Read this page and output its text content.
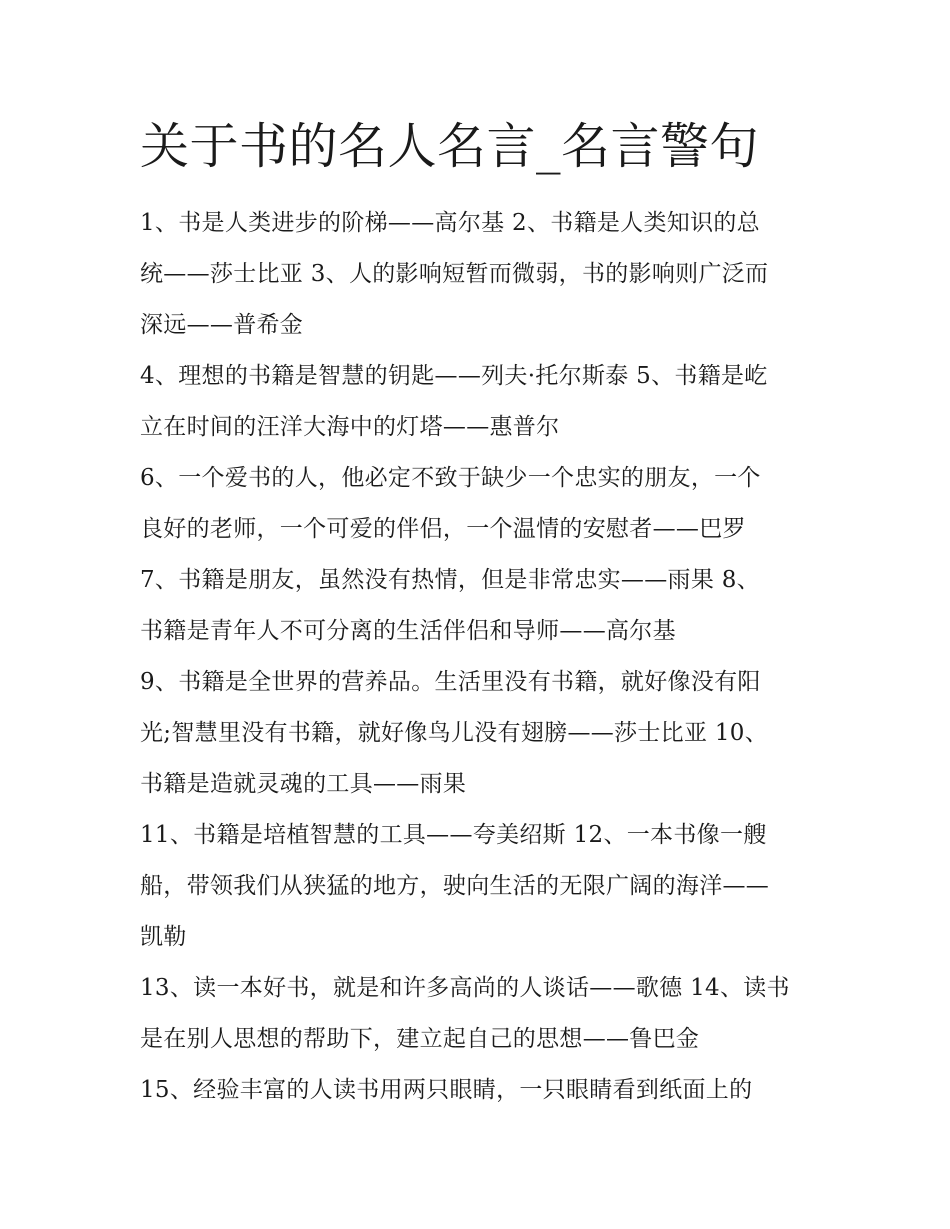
关于书的名人名言_名言警句
1、书是人类进步的阶梯——高尔基 2、书籍是人类知识的总
统——莎士比亚 3、人的影响短暂而微弱，书的影响则广泛而
深远——普希金
4、理想的书籍是智慧的钥匙——列夫·托尔斯泰 5、书籍是屹
立在时间的汪洋大海中的灯塔——惠普尔
6、一个爱书的人，他必定不致于缺少一个忠实的朋友，一个
良好的老师，一个可爱的伴侣，一个温情的安慰者——巴罗
7、书籍是朋友，虽然没有热情，但是非常忠实——雨果 8、
书籍是青年人不可分离的生活伴侣和导师——高尔基
9、书籍是全世界的营养品。生活里没有书籍，就好像没有阳
光;智慧里没有书籍，就好像鸟儿没有翅膀——莎士比亚 10、
书籍是造就灵魂的工具——雨果
11、书籍是培植智慧的工具——夸美绍斯 12、一本书像一艘
船，带领我们从狭猛的地方，驶向生活的无限广阔的海洋——
凯勒
13、读一本好书，就是和许多高尚的人谈话——歌德 14、读书
是在别人思想的帮助下，建立起自己的思想——鲁巴金
15、经验丰富的人读书用两只眼睛，一只眼睛看到纸面上的
